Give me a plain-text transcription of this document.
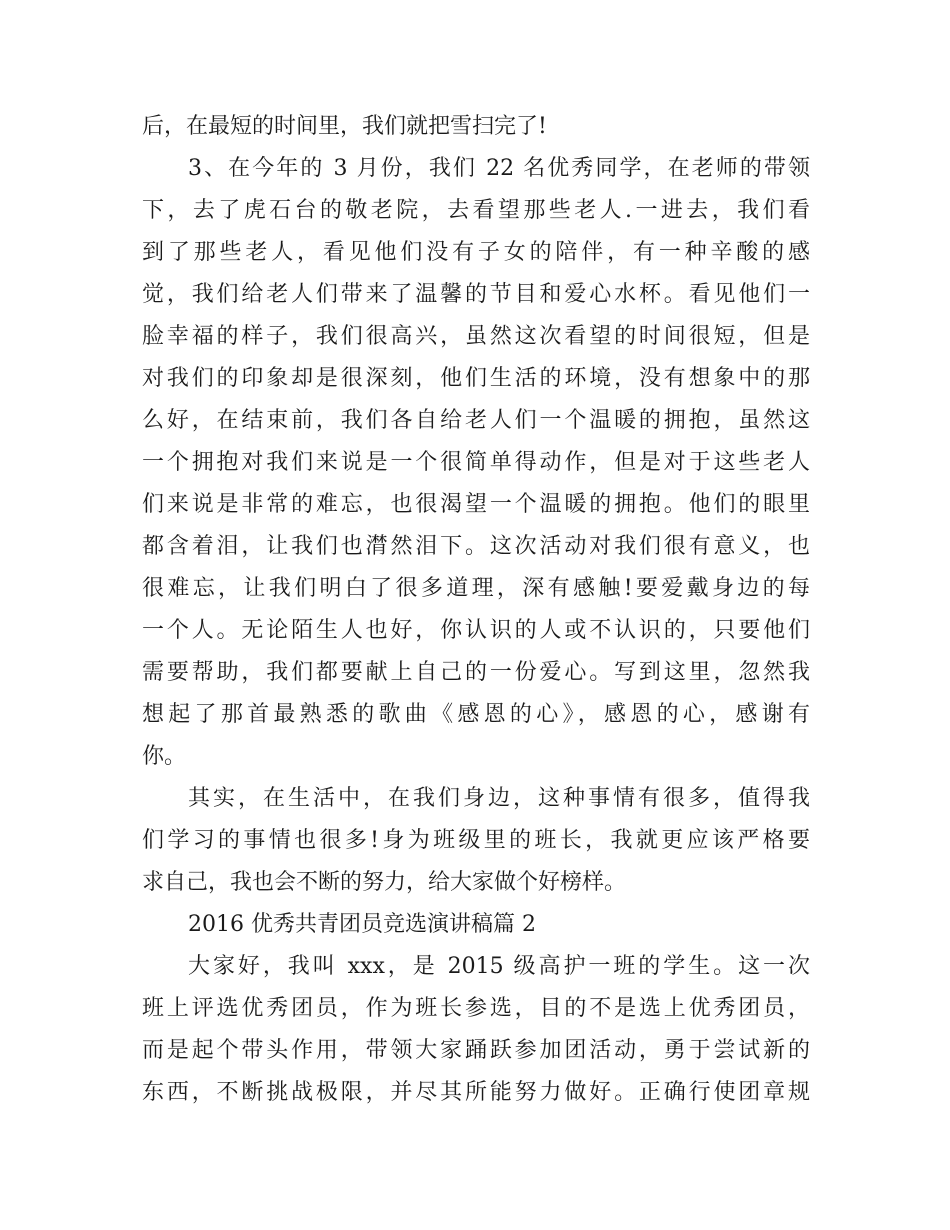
后，在最短的时间里，我们就把雪扫完了!
3、在今年的 3 月份，我们 22 名优秀同学，在老师的带领
下，去了虎石台的敬老院，去看望那些老人.一进去，我们看
到了那些老人，看见他们没有子女的陪伴，有一种辛酸的感
觉，我们给老人们带来了温馨的节目和爱心水杯。看见他们一
脸幸福的样子，我们很高兴，虽然这次看望的时间很短，但是
对我们的印象却是很深刻，他们生活的环境，没有想象中的那
么好，在结束前，我们各自给老人们一个温暖的拥抱，虽然这
一个拥抱对我们来说是一个很简单得动作，但是对于这些老人
们来说是非常的难忘，也很渴望一个温暖的拥抱。他们的眼里
都含着泪，让我们也潸然泪下。这次活动对我们很有意义，也
很难忘，让我们明白了很多道理，深有感触!要爱戴身边的每
一个人。无论陌生人也好，你认识的人或不认识的，只要他们
需要帮助，我们都要献上自己的一份爱心。写到这里，忽然我
想起了那首最熟悉的歌曲《感恩的心》，感恩的心，感谢有
你。
其实，在生活中，在我们身边，这种事情有很多，值得我
们学习的事情也很多!身为班级里的班长，我就更应该严格要
求自己，我也会不断的努力，给大家做个好榜样。
2016 优秀共青团员竞选演讲稿篇 2
大家好，我叫 xxx，是 2015 级高护一班的学生。这一次
班上评选优秀团员，作为班长参选，目的不是选上优秀团员，
而是起个带头作用，带领大家踊跃参加团活动，勇于尝试新的
东西，不断挑战极限，并尽其所能努力做好。正确行使团章规
